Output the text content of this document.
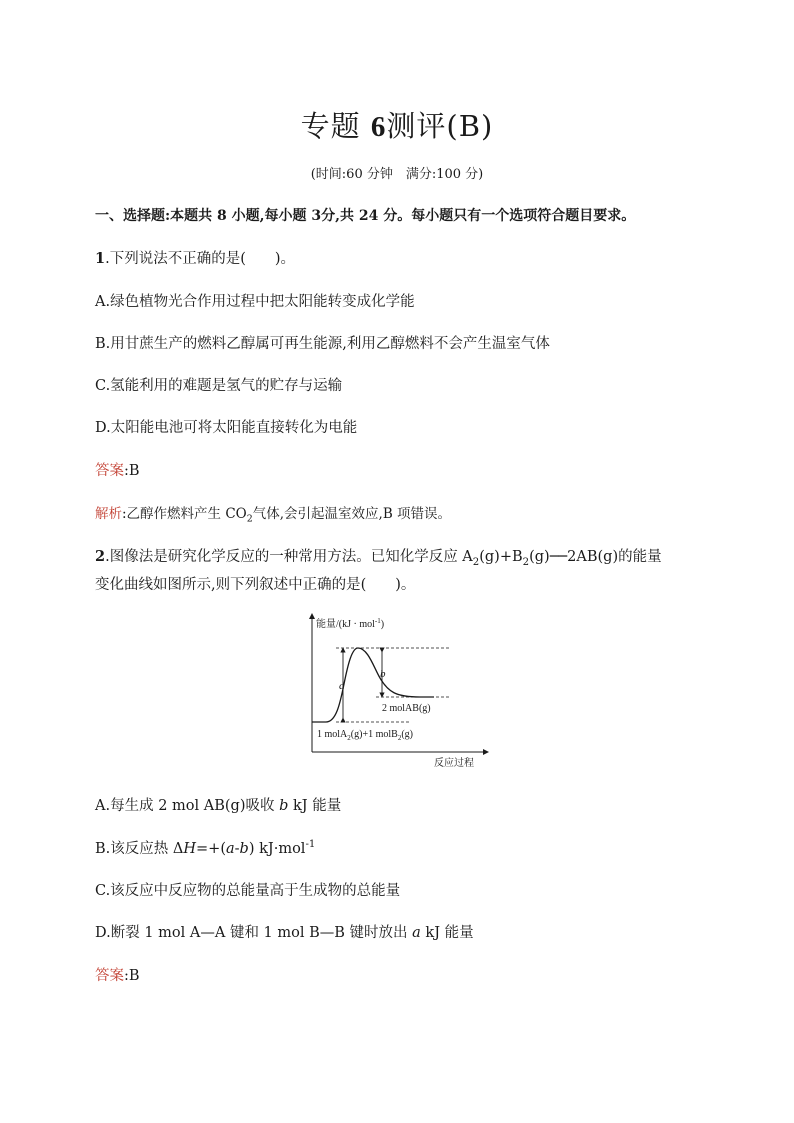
专题 6测评(B)
(时间:60 分钟　满分:100 分)
一、选择题:本题共 8 小题,每小题 3分,共 24 分。每小题只有一个选项符合题目要求。
1.下列说法不正确的是(　　)。
A.绿色植物光合作用过程中把太阳能转变成化学能
B.用甘蔗生产的燃料乙醇属可再生能源,利用乙醇燃料不会产生温室气体
C.氢能利用的难题是氢气的贮存与运输
D.太阳能电池可将太阳能直接转化为电能
答案:B
解析:乙醇作燃料产生 $CO_2$气体,会引起温室效应,B 项错误。
2.图像法是研究化学反应的一种常用方法。已知化学反应 $A_2(g)+B_2(g)──2AB(g)$的能量
变化曲线如图所示,则下列叙述中正确的是(　　)。
能量/(kJ · mol$^{-1}$)
a
b
2 molAB(g)
1 molA$_2$(g)+1 molB$_2$(g)
反应过程
A.每生成 2 mol AB(g)吸收 b kJ 能量
B.该反应热 ΔH=+(a-b) kJ·mol$^{-1}$
C.该反应中反应物的总能量高于生成物的总能量
D.断裂 1 mol A—A 键和 1 mol B—B 键时放出 a kJ 能量
答案:B
